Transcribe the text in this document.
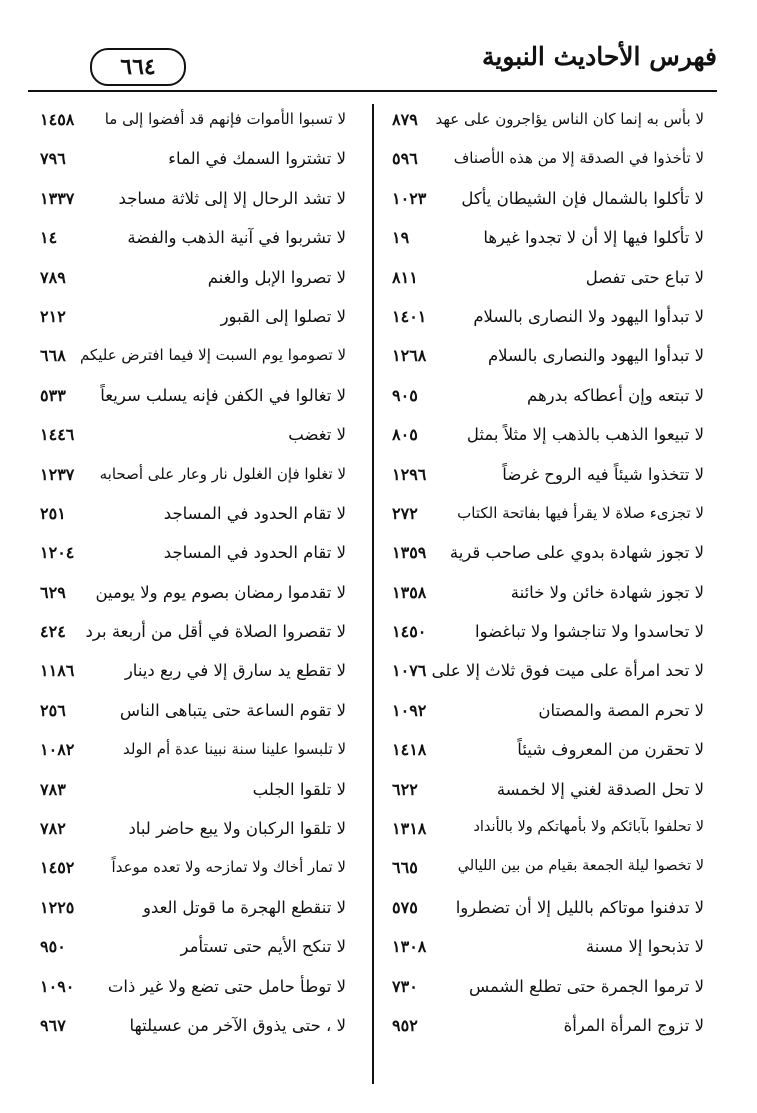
فهرس الأحاديث النبوية
٦٦٤
لا بأس به إنما كان الناس يؤاجرون على عهد
٨٧٩
لا تأخذوا في الصدقة إلا من هذه الأصناف
٥٩٦
لا تأكلوا بالشمال فإن الشيطان يأكل
١٠٢٣
لا تأكلوا فيها إلا أن لا تجدوا غيرها
١٩
لا تباع حتى تفصل
٨١١
لا تبدأوا اليهود ولا النصارى بالسلام
١٤٠١
لا تبدأوا اليهود والنصارى بالسلام
١٢٦٨
لا تبتعه وإن أعطاكه بدرهم
٩٠٥
لا تبيعوا الذهب بالذهب إلا مثلاً بمثل
٨٠٥
لا تتخذوا شيئاً فيه الروح غرضاً
١٢٩٦
لا تجزىء صلاة لا يقرأ فيها بفاتحة الكتاب
٢٧٢
لا تجوز شهادة بدوي على صاحب قرية
١٣٥٩
لا تجوز شهادة خائن ولا خائنة
١٣٥٨
لا تحاسدوا ولا تناجشوا ولا تباغضوا
١٤٥٠
لا تحد امرأة على ميت فوق ثلاث إلا على
١٠٧٦
لا تحرم المصة والمصتان
١٠٩٢
لا تحقرن من المعروف شيئاً
١٤١٨
لا تحل الصدقة لغني إلا لخمسة
٦٢٢
لا تحلفوا بآبائكم ولا بأمهاتكم ولا بالأنداد
١٣١٨
لا تخصوا ليلة الجمعة بقيام من بين الليالي
٦٦٥
لا تدفنوا موتاكم بالليل إلا أن تضطروا
٥٧٥
لا تذبحوا إلا مسنة
١٣٠٨
لا ترموا الجمرة حتى تطلع الشمس
٧٣٠
لا تزوج المرأة المرأة
٩٥٢
لا تسبوا الأموات فإنهم قد أفضوا إلى ما
١٤٥٨
لا تشتروا السمك في الماء
٧٩٦
لا تشد الرحال إلا إلى ثلاثة مساجد
١٣٣٧
لا تشربوا في آنية الذهب والفضة
١٤
لا تصروا الإبل والغنم
٧٨٩
لا تصلوا إلى القبور
٢١٢
لا تصوموا يوم السبت إلا فيما افترض عليكم
٦٦٨
لا تغالوا في الكفن فإنه يسلب سريعاً
٥٣٣
لا تغضب
١٤٤٦
لا تغلوا فإن الغلول نار وعار على أصحابه
١٢٣٧
لا تقام الحدود في المساجد
٢٥١
لا تقام الحدود في المساجد
١٢٠٤
لا تقدموا رمضان بصوم يوم ولا يومين
٦٢٩
لا تقصروا الصلاة في أقل من أربعة برد
٤٢٤
لا تقطع يد سارق إلا في ربع دينار
١١٨٦
لا تقوم الساعة حتى يتباهى الناس
٢٥٦
لا تلبسوا علينا سنة نبينا عدة أم الولد
١٠٨٢
لا تلقوا الجلب
٧٨٣
لا تلقوا الركبان ولا يبع حاضر لباد
٧٨٢
لا تمار أخاك ولا تمازحه ولا تعده موعداً
١٤٥٢
لا تنقطع الهجرة ما قوتل العدو
١٢٢٥
لا تنكح الأيم حتى تستأمر
٩٥٠
لا توطأ حامل حتى تضع ولا غير ذات
١٠٩٠
لا ، حتى يذوق الآخر من عسيلتها
٩٦٧
